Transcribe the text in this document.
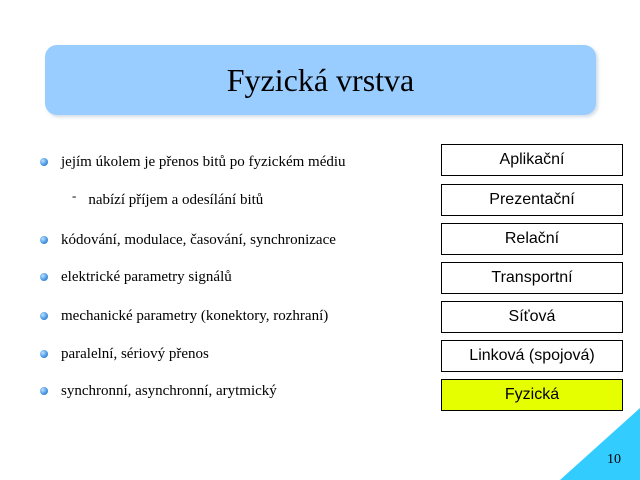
Fyzická vrstva
jejím úkolem je přenos bitů po fyzickém médiu
- nabízí příjem a odesílání bitů
kódování, modulace, časování, synchronizace
elektrické parametry signálů
mechanické parametry (konektory, rozhraní)
paralelní, sériový přenos
synchronní, asynchronní, arytmický
Aplikační
Prezentační
Relační
Transportní
Síťová
Linková (spojová)
Fyzická
10
